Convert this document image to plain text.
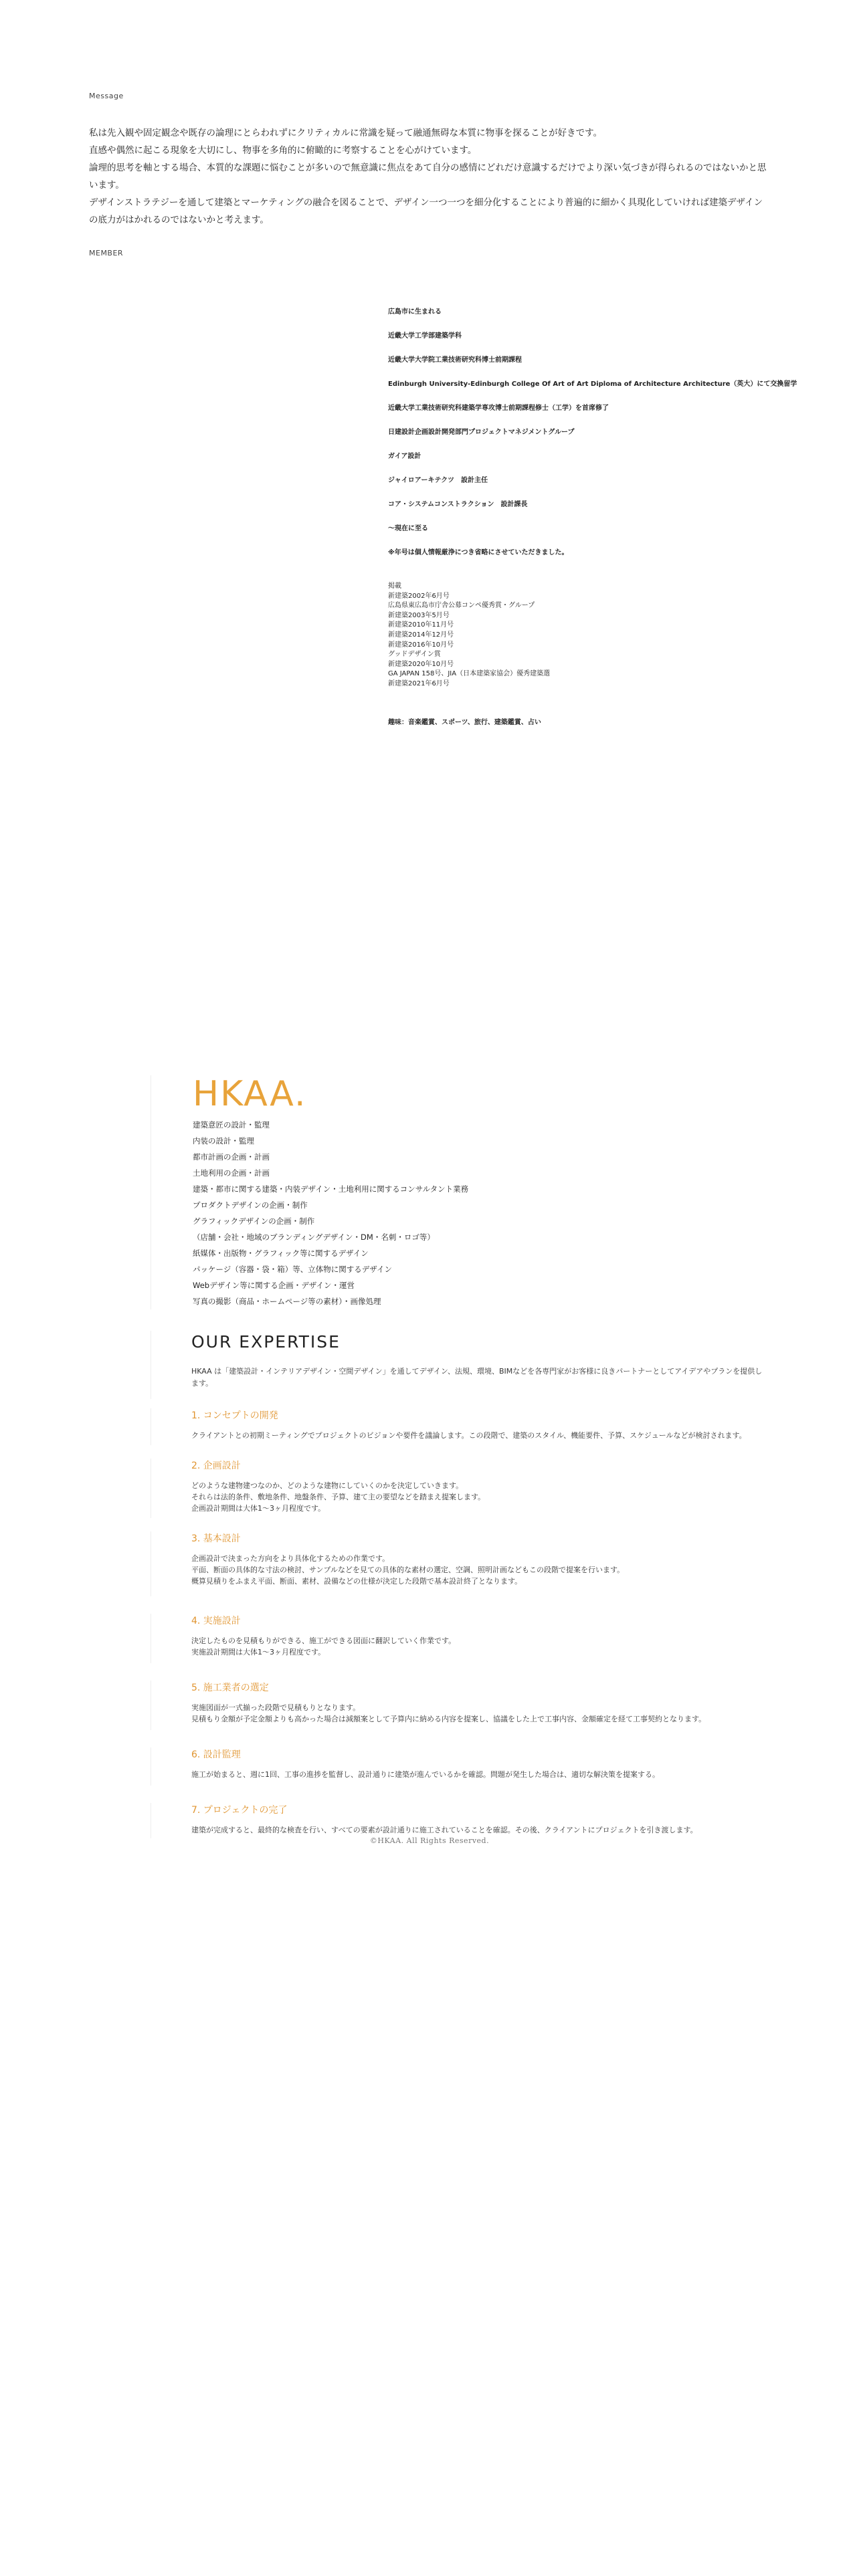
Message

私は先入観や固定観念や既存の論理にとらわれずにクリティカルに常識を疑って融通無碍な本質に物事を探ることが好きです。

直感や偶然に起こる現象を大切にし、物事を多角的に俯瞰的に考察することを心がけています。

論理的思考を軸とする場合、本質的な課題に悩むことが多いので無意識に焦点をあて自分の感情にどれだけ意識するだけでより深い気づきが得られるのではないかと思います。

デザインストラテジーを通して建築とマーケティングの融合を図ることで、デザイン一つ一つを細分化することにより普遍的に細かく具現化していければ建築デザインの底力がはかれるのではないかと考えます。

MEMBER
広島市に生まれる
近畿大学工学部建築学科
近畿大学大学院工業技術研究科博士前期課程
Edinburgh University-Edinburgh College Of Art of Art Diploma of Architecture Architecture（英大）にて交換留学
近畿大学工業技術研究科建築学専攻博士前期課程修士（工学）を首席修了
日建設計企画設計開発部門プロジェクトマネジメントグループ
ガイア設計
ジャイロアーキテクツ　設計主任
コア・システムコンストラクション　設計課長
〜現在に至る
※年号は個人情報厳浄につき省略にさせていただきました。
掲載
新建築2002年6月号
広島県東広島市庁舎公募コンペ優秀賞・グループ
新建築2003年5月号
新建築2010年11月号
新建築2014年12月号
新建築2016年10月号
グッドデザイン賞
新建築2020年10月号
GA JAPAN 158号、JIA（日本建築家協会）優秀建築選
新建築2021年6月号
趣味：音楽鑑賞、スポーツ、旅行、建築鑑賞、占い
HKAA.
建築意匠の設計・監理
内装の設計・監理
都市計画の企画・計画
土地利用の企画・計画
建築・都市に関する建築・内装デザイン・土地利用に関するコンサルタント業務
プロダクトデザインの企画・制作
グラフィックデザインの企画・制作
（店舗・会社・地域のブランディングデザイン・DM・名刺・ロゴ等）
紙媒体・出版物・グラフィック等に関するデザイン
パッケージ（容器・袋・箱）等、立体物に関するデザイン
Webデザイン等に関する企画・デザイン・運営
写真の撮影（商品・ホームページ等の素材）・画像処理
OUR EXPERTISE
HKAA は「建築設計・インテリアデザイン・空間デザイン」を通してデザイン、法規、環境、BIMなどを各専門家がお客様に良きパートナーとしてアイデアやプランを提供します。
1. コンセプトの開発

クライアントとの初期ミーティングでプロジェクトのビジョンや要件を議論します。この段階で、建築のスタイル、機能要件、予算、スケジュールなどが検討されます。

2. 企画設計

どのような建物建つなのか、どのような建物にしていくのかを決定していきます。

それらは法的条件、敷地条件、地盤条件、予算、建て主の要望などを踏まえ提案します。

企画設計期間は大体1〜3ヶ月程度です。

3. 基本設計

企画設計で決まった方向をより具体化するための作業です。

平面、断面の具体的な寸法の検討、サンプルなどを見ての具体的な素材の選定、空調、照明計画などもこの段階で提案を行います。

概算見積りをふまえ平面、断面、素材、設備などの仕様が決定した段階で基本設計終了となります。

4. 実施設計

決定したものを見積もりができる、施工ができる図面に翻訳していく作業です。

実施設計期間は大体1〜3ヶ月程度です。

5. 施工業者の選定

実施図面が一式揃った段階で見積もりとなります。

見積もり金額が予定金額よりも高かった場合は減額案として予算内に納める内容を提案し、協議をした上で工事内容、金額確定を経て工事契約となります。

6. 設計監理

施工が始まると、週に1回、工事の進捗を監督し、設計通りに建築が進んでいるかを確認。問題が発生した場合は、適切な解決策を提案する。

7. プロジェクトの完了

建築が完成すると、最終的な検査を行い、すべての要素が設計通りに施工されていることを確認。その後、クライアントにプロジェクトを引き渡します。

©HKAA. All Rights Reserved.
